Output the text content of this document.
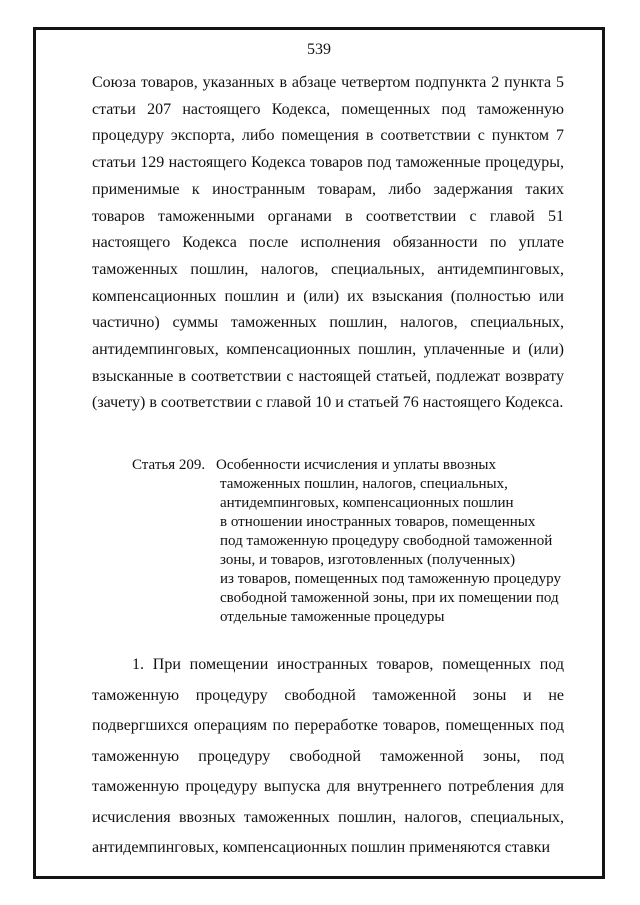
539

Союза товаров, указанных в абзаце четвертом подпункта 2 пункта 5 статьи 207 настоящего Кодекса, помещенных под таможенную процедуру экспорта, либо помещения в соответствии с пунктом 7 статьи 129 настоящего Кодекса товаров под таможенные процедуры, применимые к иностранным товарам, либо задержания таких товаров таможенными органами в соответствии с главой 51 настоящего Кодекса после исполнения обязанности по уплате таможенных пошлин, налогов, специальных, антидемпинговых, компенсационных пошлин и (или) их взыскания (полностью или частично) суммы таможенных пошлин, налогов, специальных, антидемпинговых, компенсационных пошлин, уплаченные и (или) взысканные в соответствии с настоящей статьей, подлежат возврату (зачету) в соответствии с главой 10 и статьей 76 настоящего Кодекса.

Статья 209. Особенности исчисления и уплаты ввозных
таможенных пошлин, налогов, специальных,
антидемпинговых, компенсационных пошлин
в отношении иностранных товаров, помещенных
под таможенную процедуру свободной таможенной
зоны, и товаров, изготовленных (полученных)
из товаров, помещенных под таможенную процедуру
свободной таможенной зоны, при их помещении под
отдельные таможенные процедуры

1. При помещении иностранных товаров, помещенных под таможенную процедуру свободной таможенной зоны и не подвергшихся операциям по переработке товаров, помещенных под таможенную процедуру свободной таможенной зоны, под таможенную процедуру выпуска для внутреннего потребления для исчисления ввозных таможенных пошлин, налогов, специальных, антидемпинговых, компенсационных пошлин применяются ставки
